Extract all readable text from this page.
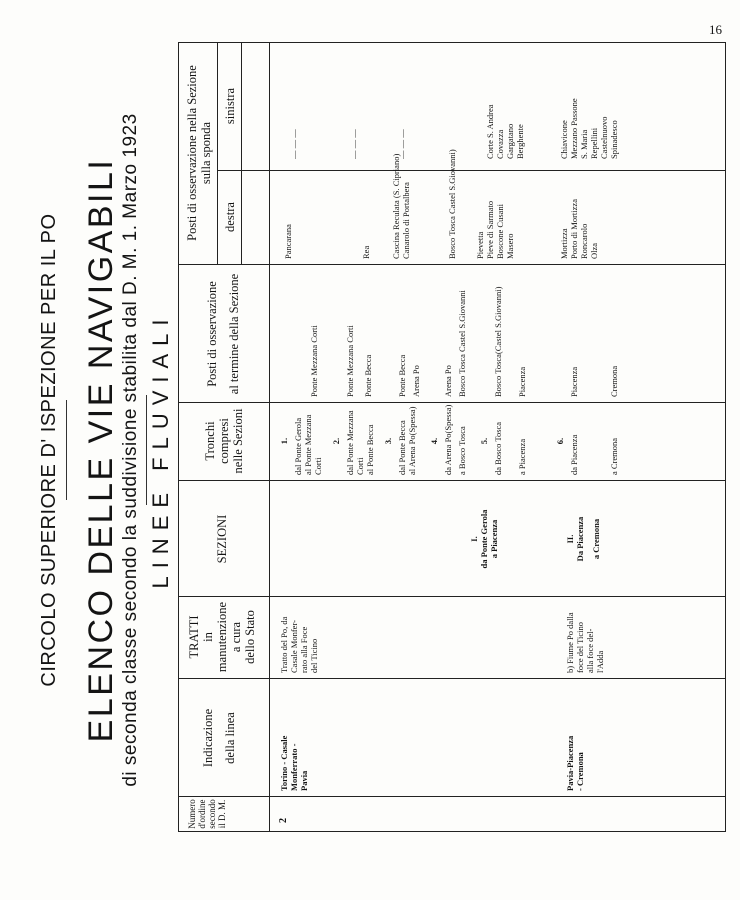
16
CIRCOLO SUPERIORE D' ISPEZIONE PER IL PO ELENCO DELLE VIE NAVIGABILI di seconda classe secondo la suddivisione stabilita dal D. M. 1. Marzo 1923 LINEE FLUVIALI
Numero d'ordine secondo il D. M.
Indicazione della linea
TRATTI in manutenzione a cura dello Stato
SEZIONI
Tronchi compresi nelle Sezioni
Posti di osservazione al termine della Sezione
Posti di osservazione nella Sezione sulla sponda
destra
sinistra
2
Torino - Casale Monferrato - Pavia
Tratto del Po, da Casale Monfer- rato alla Foce del Ticino
I. da Ponte Gerola a Piacenza
1. dal Ponte Gerola al Ponte Mezzana Corti
Ponte Mezzana Corti
Pancarana
— — —
2. dal Ponte Mezzana Corti al Ponte Becca
Ponte Mezzana Corti Ponte Becca
Rea
— — —
3. dal Ponte Becca al Arena Po(Spessa)
Ponte Becca Arena Po
Cascina Reculata (S. Cipriano) Canarolo di Portalbera
— — —
4. da Arena Po(Spessa) a Bosco Tosca
Arena Po Bosco Tosca Castel S.Giovanni
5. da Bosco Tosca a Piacenza
Bosco Tosca(Castel S.Giovanni) Piacenza
Pievetta Pieve di Sarmato Boscone Cusani Masero
Corte S. Andrea Covazza Gargatano Berghente
Bosco Tosca Castel S.Giovanni)
Pavia-Piacenza - Cremona
b) Fiume Po dalla foce del Ticino alla foce del- l'Adda
II. Da Piacenza a Cremona
6. da Piacenza	a Cremona
Piacenza	Cremona
Mortizza Porto di Mortizza Roncarolo Olza
Chiavicone Mezzano Passone S. Maria Repellini Castelnuovo Spinadesco
